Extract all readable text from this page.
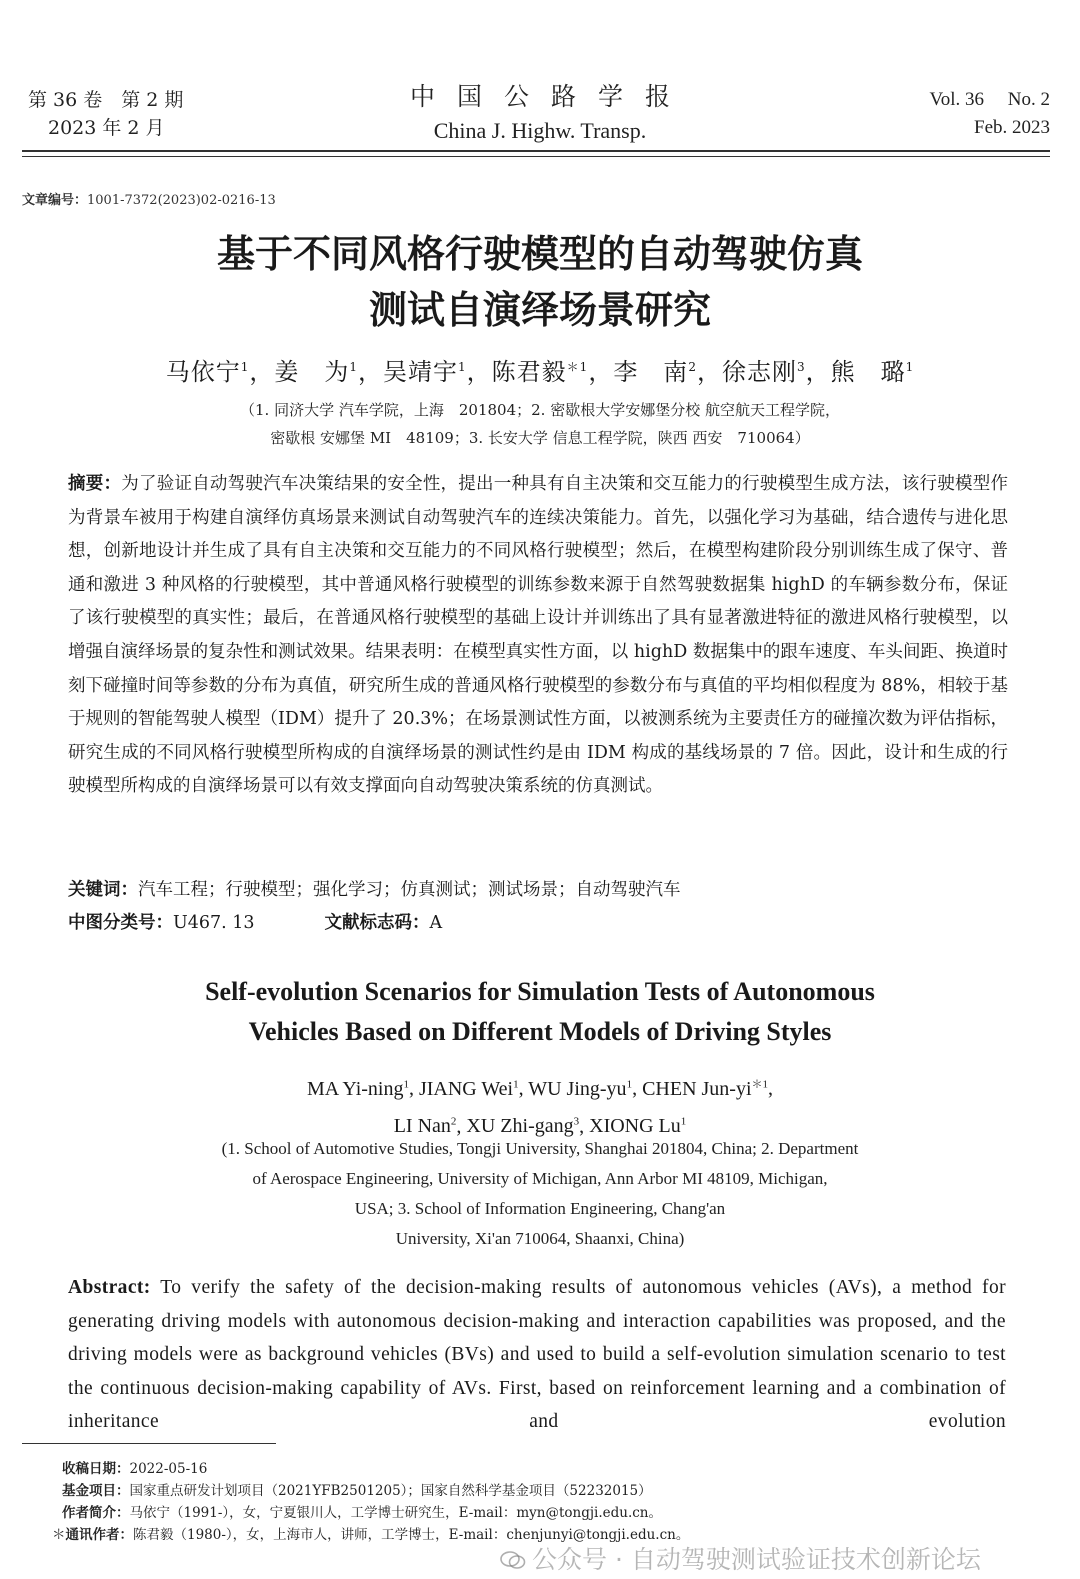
第 36 卷　第 2 期
2023 年 2 月
中国公路学报
China J. Highw. Transp.
Vol. 36　 No. 2
Feb. 2023
文章编号：1001-7372(2023)02-0216-13
基于不同风格行驶模型的自动驾驶仿真
测试自演绎场景研究
马依宁$^1$，姜　为$^1$，吴靖宇$^1$，陈君毅$^{*1}$，李　南$^2$，徐志刚$^3$，熊　璐$^1$
（1. 同济大学 汽车学院，上海　201804；2. 密歇根大学安娜堡分校 航空航天工程学院，
密歇根 安娜堡 MI　48109；3. 长安大学 信息工程学院，陕西 西安　710064）
摘要：为了验证自动驾驶汽车决策结果的安全性，提出一种具有自主决策和交互能力的行驶模型生成方法，该行驶模型作为背景车被用于构建自演绎仿真场景来测试自动驾驶汽车的连续决策能力。首先，以强化学习为基础，结合遗传与进化思想，创新地设计并生成了具有自主决策和交互能力的不同风格行驶模型；然后，在模型构建阶段分别训练生成了保守、普通和激进 3 种风格的行驶模型，其中普通风格行驶模型的训练参数来源于自然驾驶数据集 highD 的车辆参数分布，保证了该行驶模型的真实性；最后，在普通风格行驶模型的基础上设计并训练出了具有显著激进特征的激进风格行驶模型，以增强自演绎场景的复杂性和测试效果。结果表明：在模型真实性方面，以 highD 数据集中的跟车速度、车头间距、换道时刻下碰撞时间等参数的分布为真值，研究所生成的普通风格行驶模型的参数分布与真值的平均相似程度为 88%，相较于基于规则的智能驾驶人模型（IDM）提升了 20.3%；在场景测试性方面，以被测系统为主要责任方的碰撞次数为评估指标，研究生成的不同风格行驶模型所构成的自演绎场景的测试性约是由 IDM 构成的基线场景的 7 倍。因此，设计和生成的行驶模型所构成的自演绎场景可以有效支撑面向自动驾驶决策系统的仿真测试。
关键词：汽车工程；行驶模型；强化学习；仿真测试；测试场景；自动驾驶汽车
中图分类号：U467. 13	文献标志码：A
Self-evolution Scenarios for Simulation Tests of Autonomous
Vehicles Based on Different Models of Driving Styles
MA Yi-ning$^1$, JIANG Wei$^1$, WU Jing-$yu^1$, CHEN Jun-$yi^{*1}$,
LI Nan$^2$, XU Zhi-gang$^3$, XIONG Lu$^1$
(1. School of Automotive Studies, Tongji University, Shanghai 201804, China; 2. Department
of Aerospace Engineering, University of Michigan, Ann Arbor MI 48109, Michigan,
USA; 3. School of Information Engineering, Chang'an
University, Xi'an 710064, Shaanxi, China)
Abstract: To verify the safety of the decision-making results of autonomous vehicles (AVs), a method for generating driving models with autonomous decision-making and interaction capabilities was proposed, and the driving models were as background vehicles (BVs) and used to build a self-evolution simulation scenario to test the continuous decision-making capability of AVs. First, based on reinforcement learning and a combination of inheritance and evolution
收稿日期：2022-05-16
基金项目：国家重点研发计划项目（2021YFB2501205）；国家自然科学基金项目（52232015）
作者简介：马依宁（1991-），女，宁夏银川人，工学博士研究生，E-mail：myn@tongji.edu.cn。
＊通讯作者：陈君毅（1980-），女，上海市人，讲师，工学博士，E-mail：chenjunyi@tongji.edu.cn。
公众号 · 自动驾驶测试验证技术创新论坛
